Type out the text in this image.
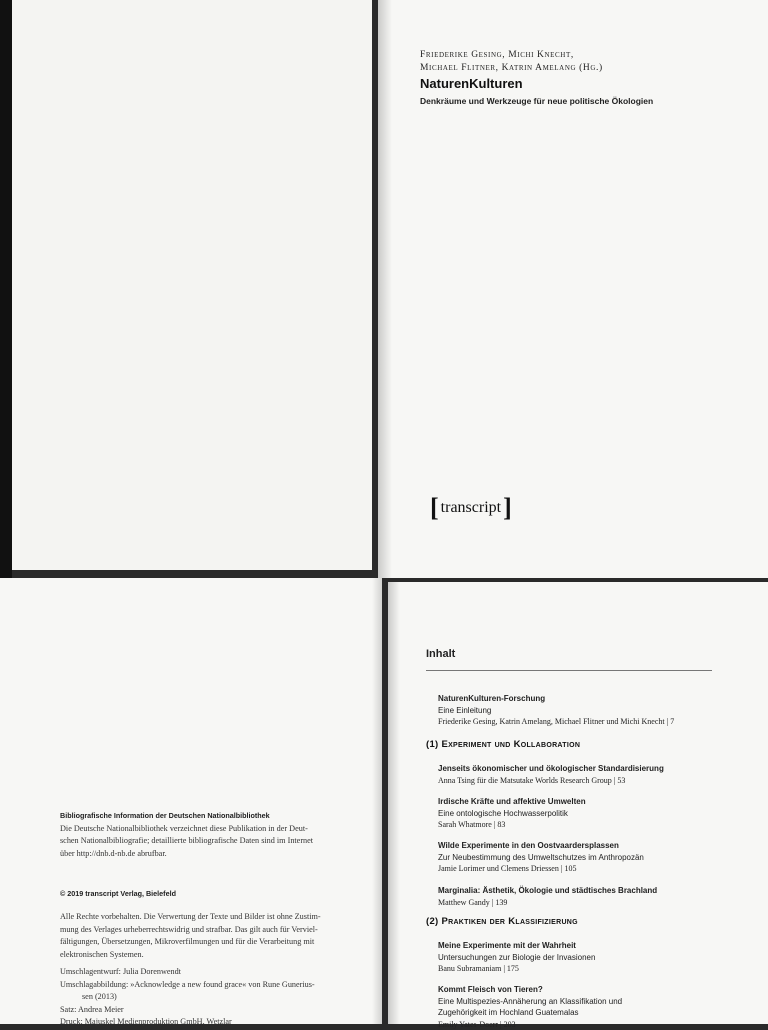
Friederike Gesing, Michi Knecht,
Michael Flitner, Katrin Amelang (Hg.)
NaturenKulturen
Denkräume und Werkzeuge für neue politische Ökologien
[ transcript ]

Bibliografische Information der Deutschen Nationalbibliothek

Die Deutsche Nationalbibliothek verzeichnet diese Publikation in der Deut-

schen Nationalbibliografie; detaillierte bibliografische Daten sind im Internet

über http://dnb.d-nb.de abrufbar.

© 2019 transcript Verlag, Bielefeld

Alle Rechte vorbehalten. Die Verwertung der Texte und Bilder ist ohne Zustim-

mung des Verlages urheberrechtswidrig und strafbar. Das gilt auch für Verviel-

fältigungen, Übersetzungen, Mikroverfilmungen und für die Verarbeitung mit

elektronischen Systemen.

Umschlagentwurf: Julia Dorenwendt

Umschlagabbildung: »Acknowledge a new found grace« von Rune Gunerius-

sen (2013)

Satz: Andrea Meier

Druck: Majuskel Medienproduktion GmbH, Wetzlar

Inhalt
NaturenKulturen-Forschung
Eine Einleitung
Friederike Gesing, Katrin Amelang, Michael Flitner und Michi Knecht | 7
(1) Experiment und Kollaboration
Jenseits ökonomischer und ökologischer Standardisierung
Anna Tsing für die Matsutake Worlds Research Group | 53
Irdische Kräfte und affektive Umwelten
Eine ontologische Hochwasserpolitik
Sarah Whatmore | 83
Wilde Experimente in den Oostvaardersplassen
Zur Neubestimmung des Umweltschutzes im Anthropozän
Jamie Lorimer und Clemens Driessen | 105
Marginalia: Ästhetik, Ökologie und städtisches Brachland
Matthew Gandy | 139
(2) Praktiken der Klassifizierung
Meine Experimente mit der Wahrheit
Untersuchungen zur Biologie der Invasionen
Banu Subramaniam | 175
Kommt Fleisch von Tieren?
Eine Multispezies-Annäherung an Klassifikation und
Zugehörigkeit im Hochland Guatemalas
Emily Yates-Doerr | 203
